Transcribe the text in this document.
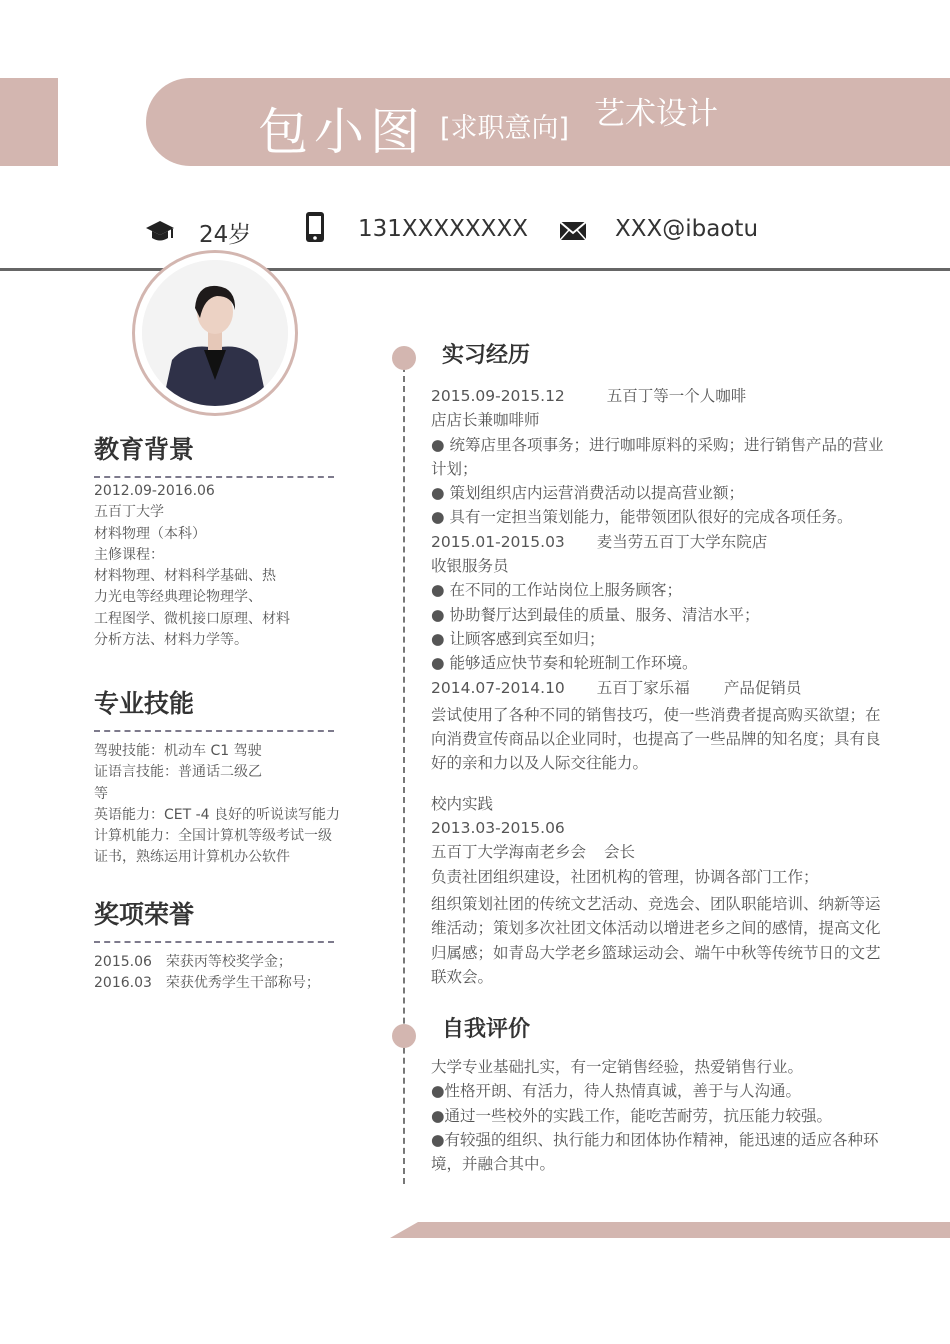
包小图 [求职意向] 艺术设计
24岁	131XXXXXXXX	XXX@ibaotu
教育背景
2012.09-2016.06
五百丁大学
材料物理（本科）
主修课程：
材料物理、材料科学基础、热
力光电等经典理论物理学、
工程图学、微机接口原理、材料
分析方法、材料力学等。
专业技能
驾驶技能：机动车 C1 驾驶
证语言技能：普通话二级乙
等
英语能力：CET -4 良好的听说读写能力
计算机能力：全国计算机等级考试一级
证书，熟练运用计算机办公软件
奖项荣誉
2015.06 荣获丙等校奖学金；
2016.03 荣获优秀学生干部称号；
实习经历
2015.09-2015.12	五百丁等一个人咖啡
店店长兼咖啡师
● 统筹店里各项事务；进行咖啡原料的采购；进行销售产品的营业计划；
● 策划组织店内运营消费活动以提高营业额；
● 具有一定担当策划能力，能带领团队很好的完成各项任务。
2015.01-2015.03 麦当劳五百丁大学东院店
收银服务员
● 在不同的工作站岗位上服务顾客；
● 协助餐厅达到最佳的质量、服务、清洁水平；
● 让顾客感到宾至如归；
● 能够适应快节奏和轮班制工作环境。
2014.07-2014.10 五百丁家乐福 产品促销员
尝试使用了各种不同的销售技巧，使一些消费者提高购买欲望；在向消费宣传商品以企业同时，也提高了一些品牌的知名度；具有良好的亲和力以及人际交往能力。
校内实践
2013.03-2015.06
五百丁大学海南老乡会 会长
负责社团组织建设，社团机构的管理，协调各部门工作；
组织策划社团的传统文艺活动、竞选会、团队职能培训、纳新等运维活动；策划多次社团文体活动以增进老乡之间的感情，提高文化归属感；如青岛大学老乡篮球运动会、端午中秋等传统节日的文艺联欢会。
自我评价
大学专业基础扎实，有一定销售经验，热爱销售行业。
●性格开朗、有活力，待人热情真诚，善于与人沟通。
●通过一些校外的实践工作，能吃苦耐劳，抗压能力较强。
●有较强的组织、执行能力和团体协作精神，能迅速的适应各种环境，并融合其中。
